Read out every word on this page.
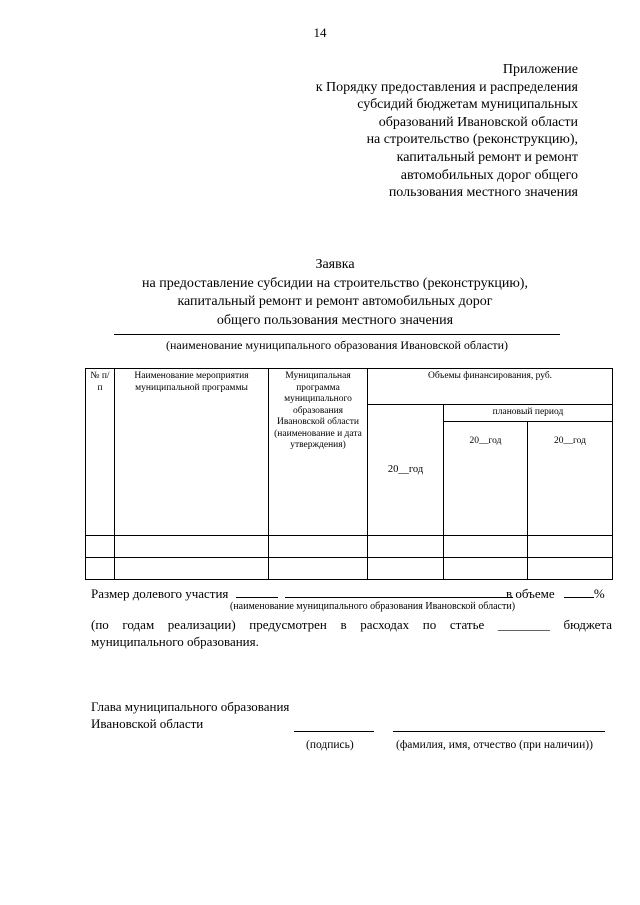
14
Приложение
к Порядку предоставления и распределения
субсидий бюджетам муниципальных
образований Ивановской области
на строительство (реконструкцию),
капитальный ремонт и ремонт
автомобильных дорог общего
пользования местного значения
Заявка
на предоставление субсидии на строительство (реконструкцию),
капитальный ремонт и ремонт автомобильных дорог
общего пользования местного значения
(наименование муниципального образования Ивановской области)
№ п/п	Наименование мероприятия муниципальной программы	Муниципальная программа муниципального образования Ивановской области (наименование и дата утверждения)	Объемы финансирования, руб.		
			20__год	плановый период	
				20__год	20__год

Размер долевого участия	в объеме	%
(наименование муниципального образования Ивановской области)
(по годам реализации) предусмотрен в расходах по статье ________ бюджета
муниципального образования.
Глава муниципального образования
Ивановской области
(подпись)	(фамилия, имя, отчество (при наличии))
